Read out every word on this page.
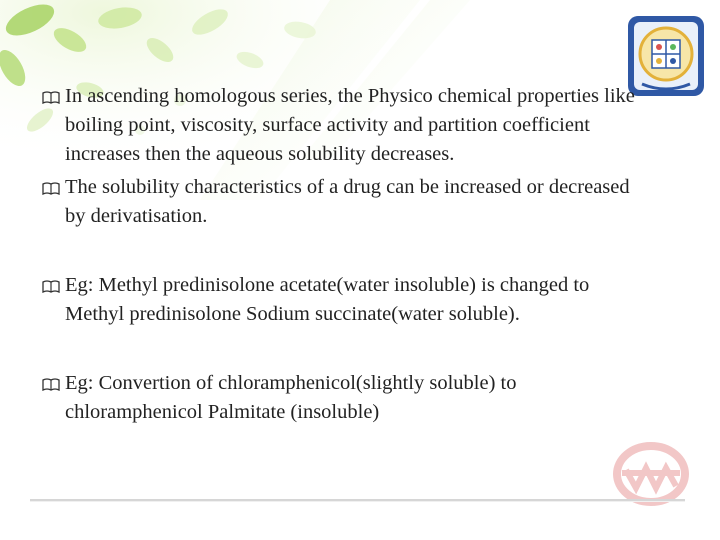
In ascending homologous series, the Physico chemical properties like boiling point, viscosity, surface activity and partition coefficient increases then the aqueous solubility decreases.
The solubility characteristics of a drug can be increased or decreased by derivatisation.
Eg: Methyl predinisolone acetate(water insoluble) is changed to Methyl predinisolone Sodium succinate(water soluble).
Eg: Convertion of chloramphenicol(slightly soluble) to chloramphenicol Palmitate (insoluble)
